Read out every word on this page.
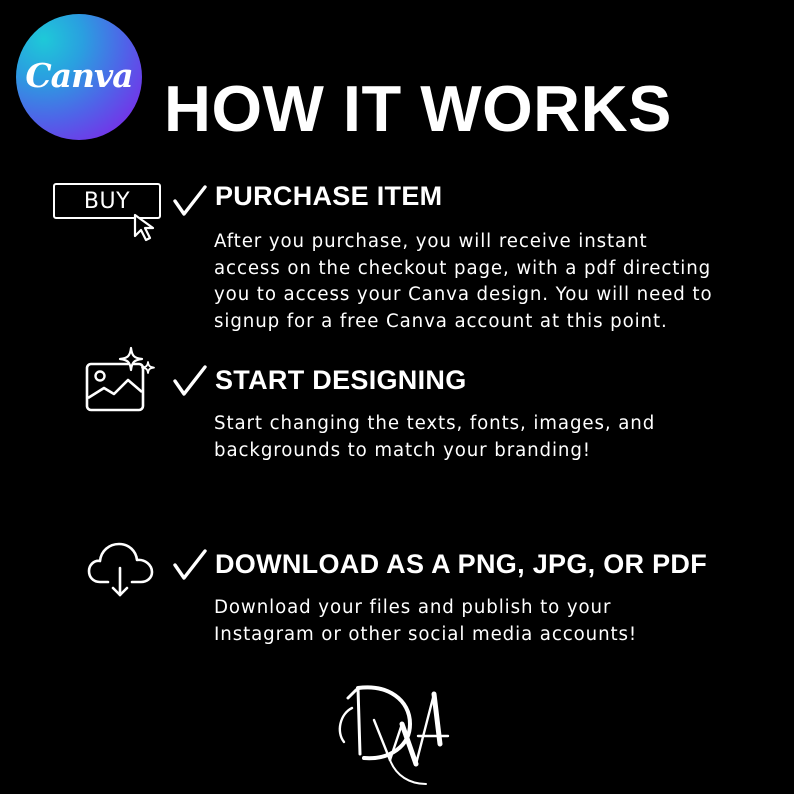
Canva HOW IT WORKS
BUY	PURCHASE ITEM
After you purchase, you will receive instant
access on the checkout page, with a pdf directing
you to access your Canva design. You will need to
signup for a free Canva account at this point.
START DESIGNING
Start changing the texts, fonts, images, and
backgrounds to match your branding!
DOWNLOAD AS A PNG, JPG, OR PDF
Download your files and publish to your
Instagram or other social media accounts!
